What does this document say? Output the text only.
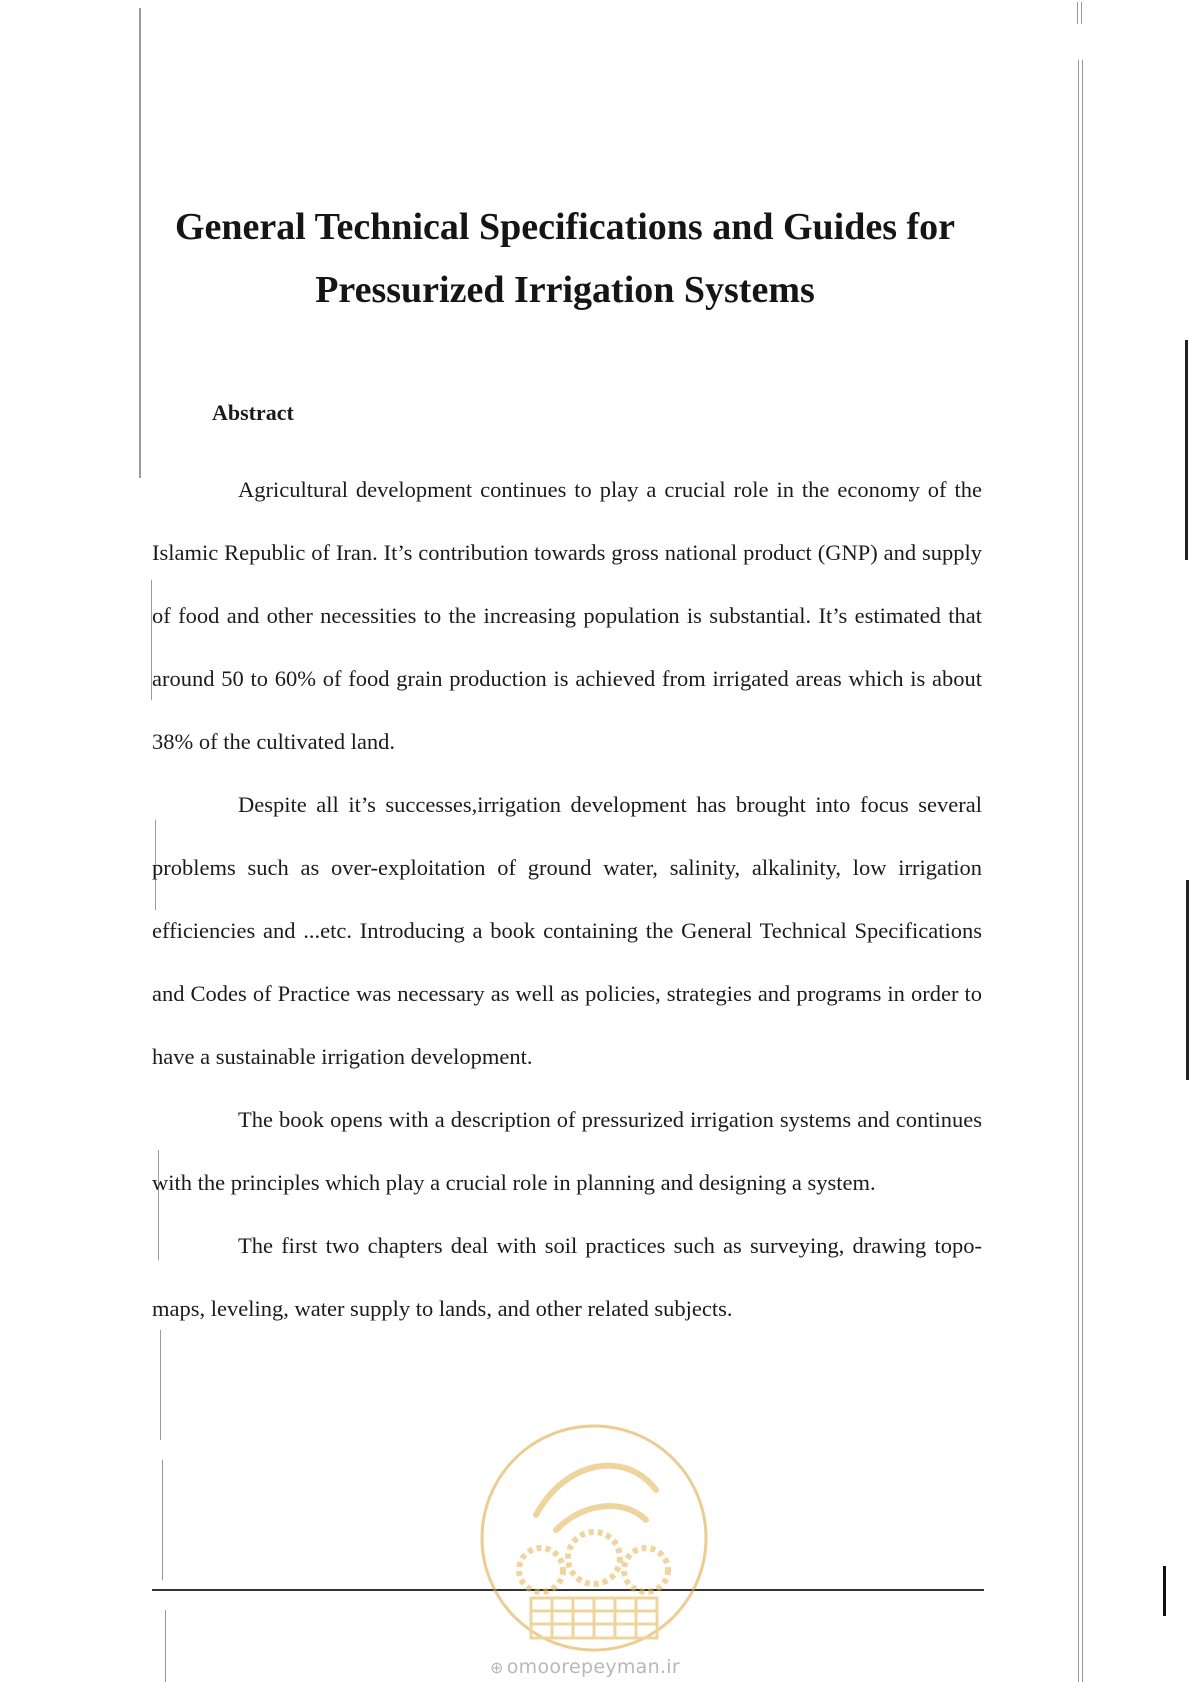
General Technical Specifications and Guides for
Pressurized Irrigation Systems
Abstract

Agricultural development continues to play a crucial role in the economy of the Islamic Republic of Iran. It’s contribution towards gross national product (GNP) and supply of food and other necessities to the increasing population is substantial. It’s estimated that around 50 to 60% of food grain production is achieved from irrigated areas which is about 38% of the cultivated land.

Despite all it’s successes,irrigation development has brought into focus several problems such as over-exploitation of ground water, salinity, alkalinity, low irrigation efficiencies and ...etc. Introducing a book containing the General Technical Specifications and Codes of Practice was necessary as well as policies, strategies and programs in order to have a sustainable irrigation development.

The book opens with a description of pressurized irrigation systems and continues with the principles which play a crucial role in planning and designing a system.

The first two chapters deal with soil practices such as surveying, drawing topo-maps, leveling, water supply to lands, and other related subjects.

⊕ omoorepeyman.ir
